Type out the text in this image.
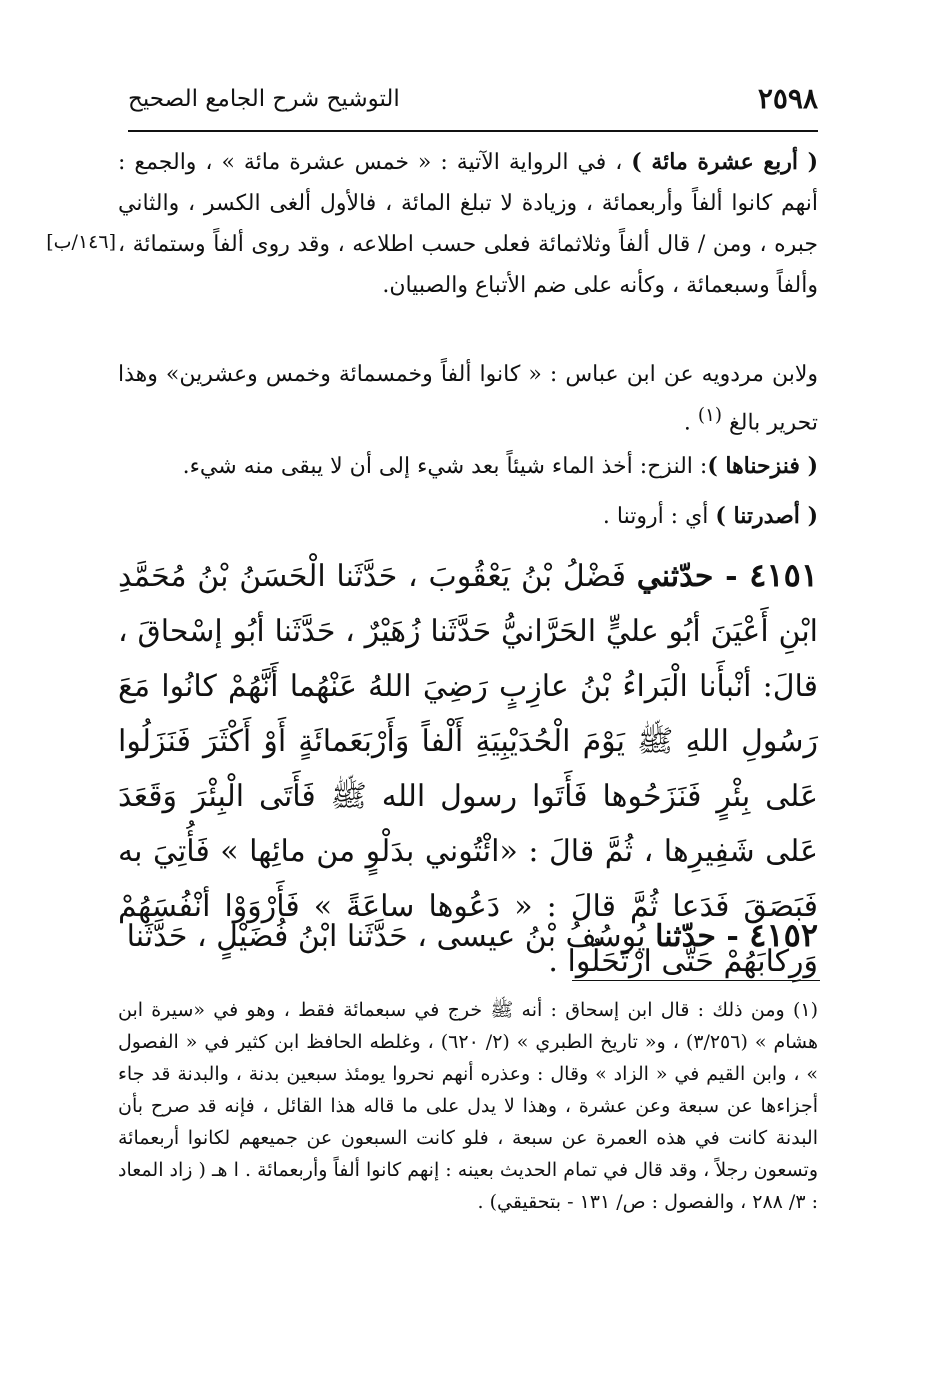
٢٥٩٨
التوشيح شرح الجامع الصحيح
[١٤٦/ب]
( أربع عشرة مائة ) ، في الرواية الآتية : « خمس عشرة مائة » ، والجمع : أنهم كانوا ألفاً وأربعمائة ، وزيادة لا تبلغ المائة ، فالأول ألغى الكسر ، والثاني جبره ، ومن / قال ألفاً وثلاثمائة فعلى حسب اطلاعه ، وقد روى ألفاً وستمائة ، وألفاً وسبعمائة ، وكأنه على ضم الأتباع والصبيان.
ولابن مردويه عن ابن عباس : « كانوا ألفاً وخمسمائة وخمس وعشرين» وهذا تحرير بالغ $^{(١)}$ .
( فنزحناها ): النزح: أخذ الماء شيئاً بعد شيء إلى أن لا يبقى منه شيء.
( أصدرتنا ) أي : أروتنا .
٤١٥١ - حدّثني فَضْلُ بْنُ يَعْقُوبَ ، حَدَّثَنا الْحَسَنُ بْنُ مُحَمَّدِ ابْنِ أَعْيَنَ أبُو عليٍّ الحَرَّانيُّ حَدَّثَنا زُهَيْرٌ ، حَدَّثَنا أبُو إسْحاقَ ، قالَ: أنْبأَنا الْبَراءُ بْنُ عازِبٍ رَضِيَ اللهُ عَنْهُما أَنَّهُمْ كانُوا مَعَ رَسُولِ اللهِ ﷺ يَوْمَ الْحُدَيْبِيَةِ أَلْفاً وَأَرْبَعَمائَةٍ أَوْ أَكْثَرَ فَنَزَلُوا عَلى بِئْرٍ فَنَزَحُوها فَأَتَوا رسول الله ﷺ فَأَتَى الْبِئْرَ وَقَعَدَ عَلى شَفِيرِها ، ثُمَّ قالَ : «ائْتُوني بدَلْوٍ من مائِها » فَأُتِيَ به فَبَصَقَ فَدَعا ثُمَّ قالَ : « دَعُوها ساعَةً » فَأَرْوَوْا أنْفُسَهُمْ وَرِكابَهُمْ حَتَّى ارْتَحَلُوا .
٤١٥٢ - حدّثنا يُوسُفُ بْنُ عيسى ، حَدَّثَنا ابْنُ فُضَيْلٍ ، حَدَّثَنا
(١) ومن ذلك : قال ابن إسحاق : أنه ﷺ خرج في سبعمائة فقط ، وهو في «سيرة ابن هشام » (٣/٢٥٦) ، و« تاريخ الطبري » (٢/ ٦٢٠) ، وغلطه الحافظ ابن كثير في « الفصول » ، وابن القيم في « الزاد » وقال : وعذره أنهم نحروا يومئذ سبعين بدنة ، والبدنة قد جاء أجزاءها عن سبعة وعن عشرة ، وهذا لا يدل على ما قاله هذا القائل ، فإنه قد صرح بأن البدنة كانت في هذه العمرة عن سبعة ، فلو كانت السبعون عن جميعهم لكانوا أربعمائة وتسعون رجلاً ، وقد قال في تمام الحديث بعينه : إنهم كانوا ألفاً وأربعمائة . ا هـ ( زاد المعاد : ٣/ ٢٨٨ ، والفصول : ص/ ١٣١ - بتحقيقي) .
